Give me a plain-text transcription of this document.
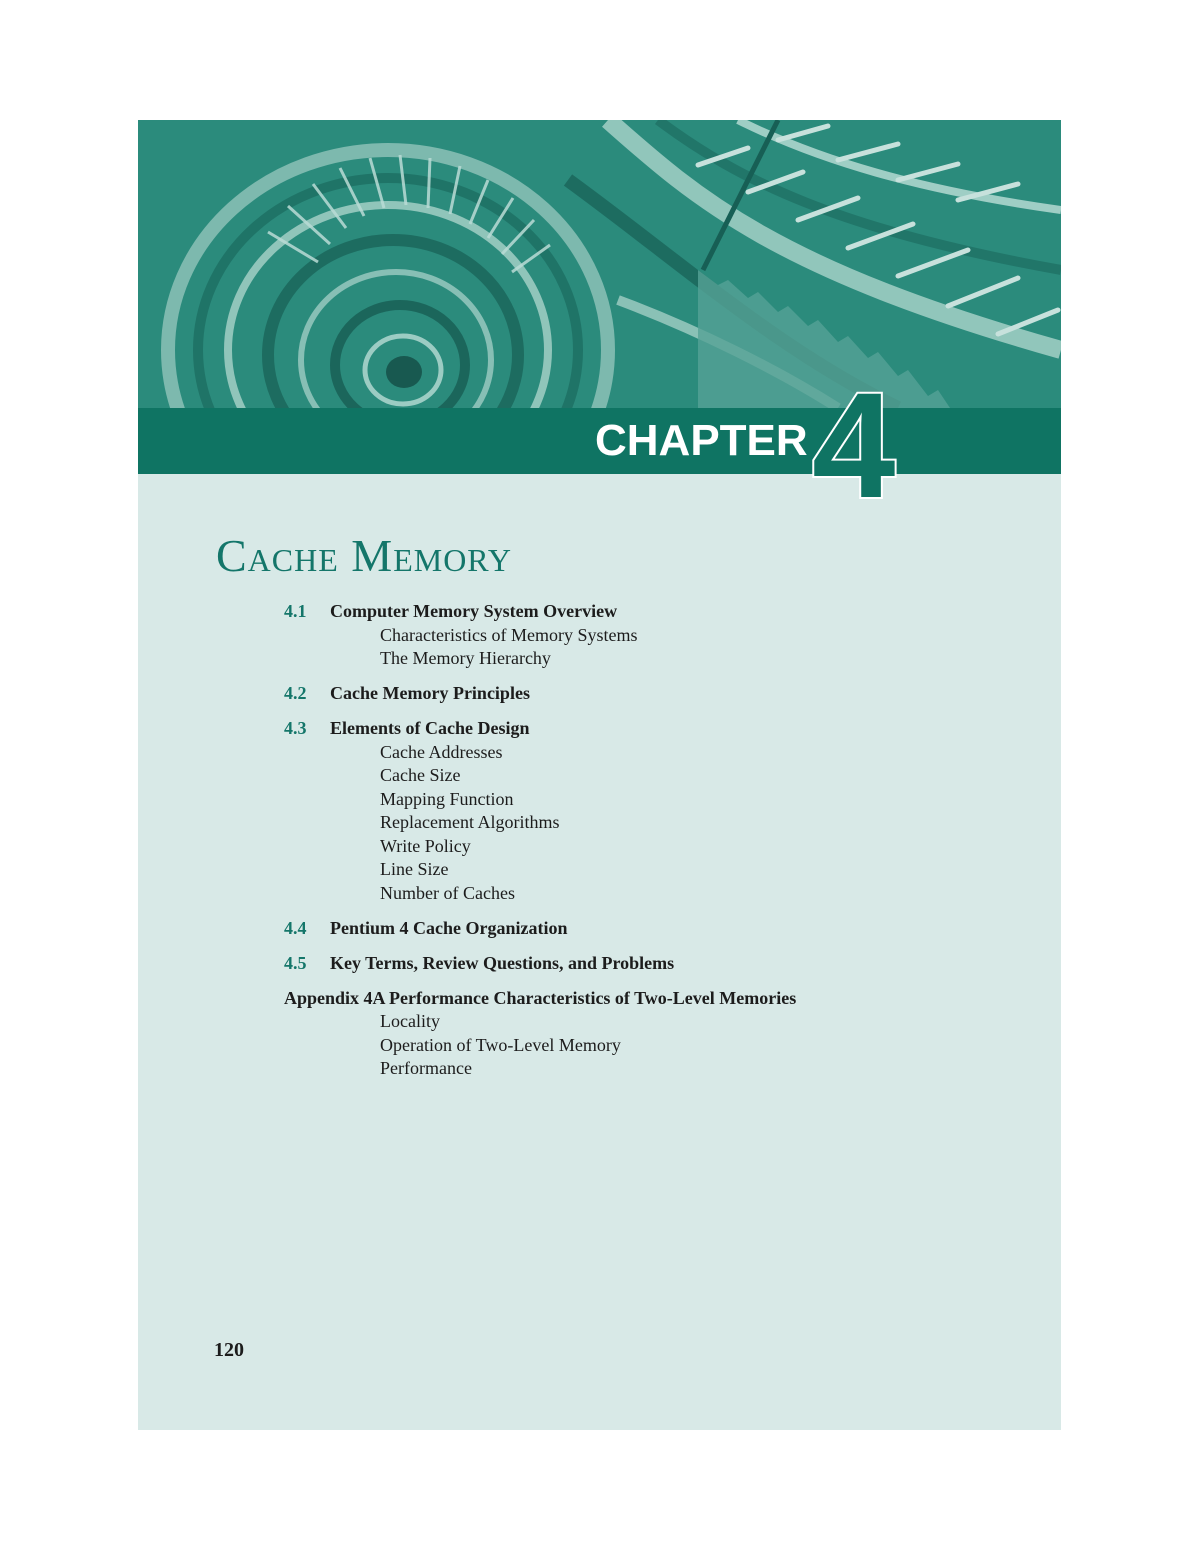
CHAPTER 4
Cache Memory
4.1 Computer Memory System Overview
Characteristics of Memory Systems
The Memory Hierarchy
4.2 Cache Memory Principles
4.3 Elements of Cache Design
Cache Addresses
Cache Size
Mapping Function
Replacement Algorithms
Write Policy
Line Size
Number of Caches
4.4 Pentium 4 Cache Organization
4.5 Key Terms, Review Questions, and Problems
Appendix 4A Performance Characteristics of Two-Level Memories
Locality
Operation of Two-Level Memory
Performance
120
